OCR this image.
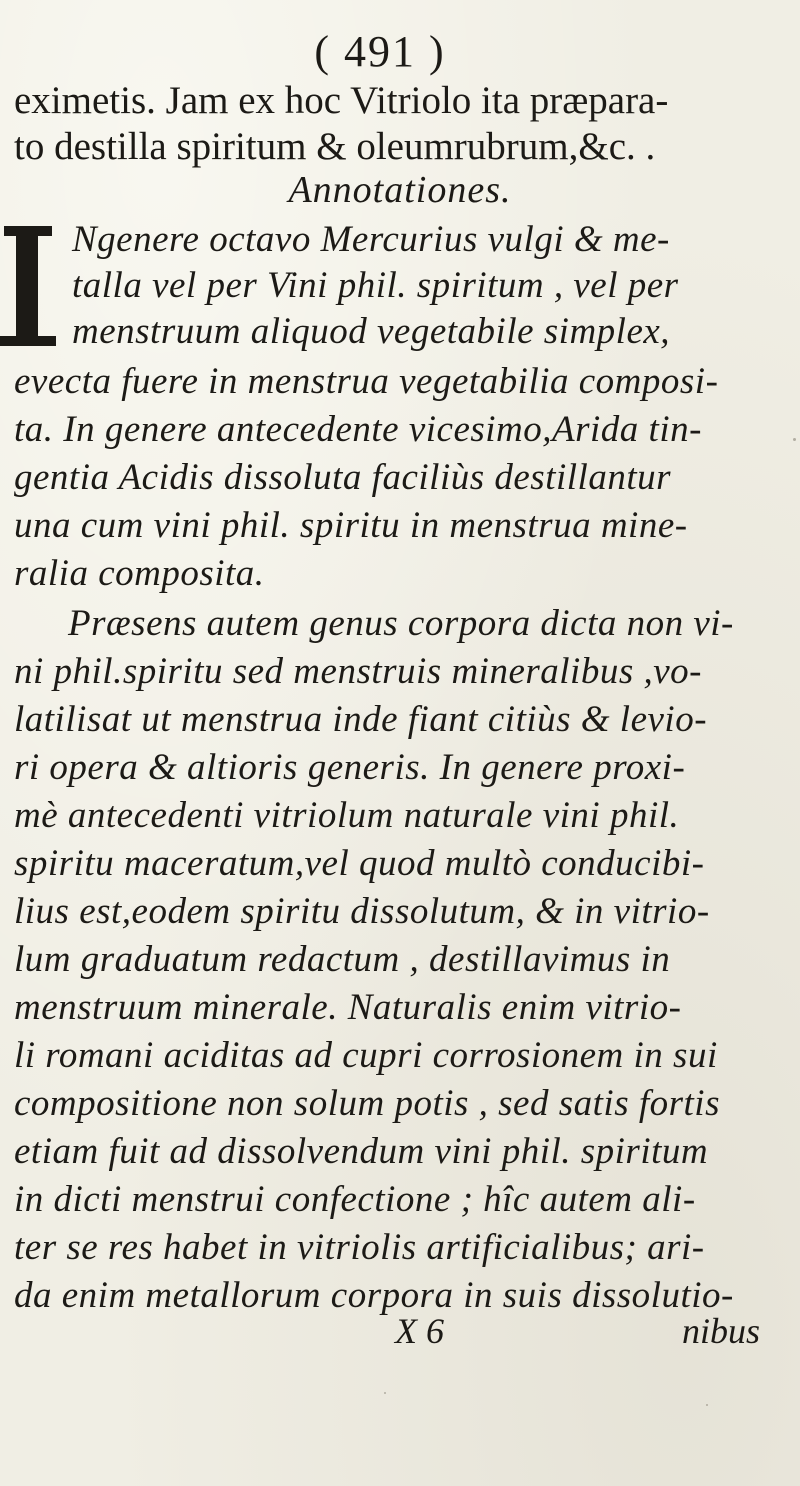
( 491 )
eximetis. Jam ex hoc Vitriolo ita præpara-
to destilla spiritum & oleumrubrum,&c. .
Annotationes.
Ngenere octavo Mercurius vulgi & me-
talla vel per Vini phil. spiritum , vel per
menstruum aliquod vegetabile simplex,
evecta fuere in menstrua vegetabilia composi-
ta. In genere antecedente vicesimo,Arida tin-
gentia Acidis dissoluta faciliùs destillantur
una cum vini phil. spiritu in menstrua mine-
ralia composita.
Præsens autem genus corpora dicta non vi-
ni phil.spiritu sed menstruis mineralibus ,vo-
latilisat ut menstrua inde fiant citiùs & levio-
ri opera & altioris generis. In genere proxi-
mè antecedenti vitriolum naturale vini phil.
spiritu maceratum,vel quod multò conducibi-
lius est,eodem spiritu dissolutum, & in vitrio-
lum graduatum redactum , destillavimus in
menstruum minerale. Naturalis enim vitrio-
li romani aciditas ad cupri corrosionem in sui
compositione non solum potis , sed satis fortis
etiam fuit ad dissolvendum vini phil. spiritum
in dicti menstrui confectione ; hîc autem ali-
ter se res habet in vitriolis artificialibus; ari-
da enim metallorum corpora in suis dissolutio-
X 6	nibus
